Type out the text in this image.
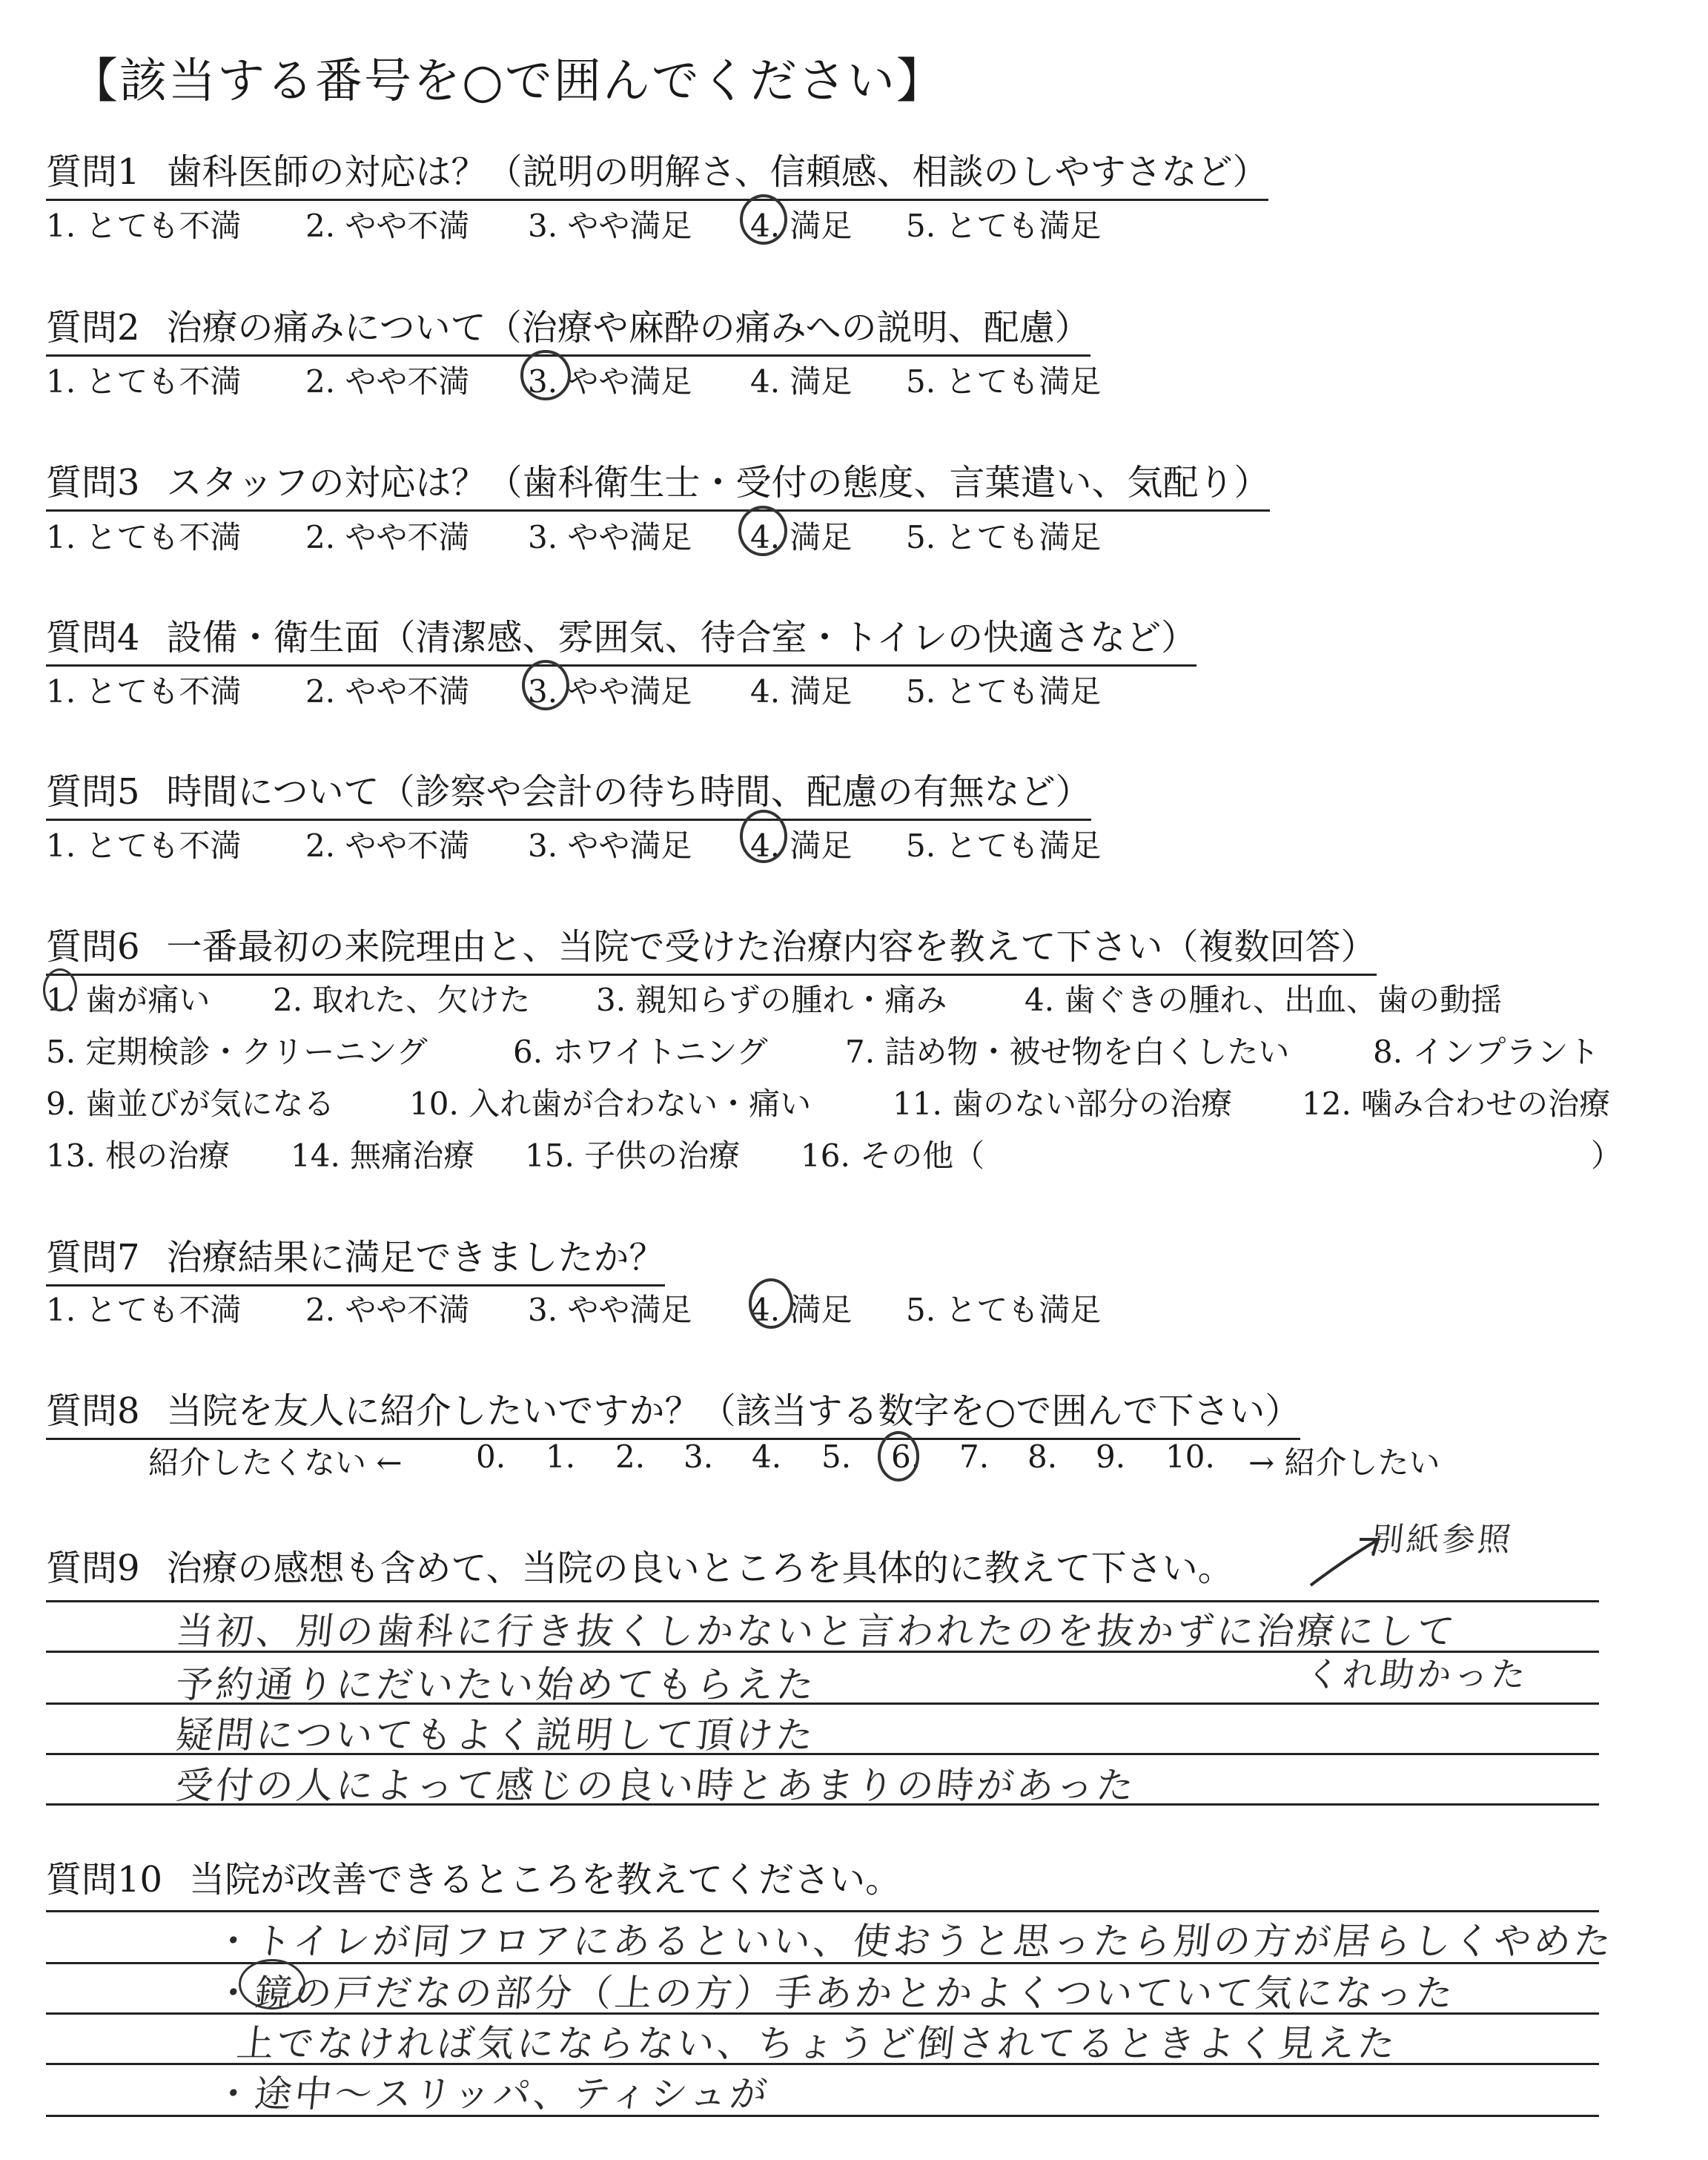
【該当する番号を○で囲んでください】
質問1 歯科医師の対応は？（説明の明解さ、信頼感、相談のしやすさなど）
1. とても不満 2. やや不満 3. やや満足 4. 満足 5. とても満足
質問2 治療の痛みについて（治療や麻酔の痛みへの説明、配慮）
1. とても不満 2. やや不満 3. やや満足 4. 満足 5. とても満足
質問3 スタッフの対応は？（歯科衛生士・受付の態度、言葉遣い、気配り）
1. とても不満 2. やや不満 3. やや満足 4. 満足 5. とても満足
質問4 設備・衛生面（清潔感、雰囲気、待合室・トイレの快適さなど）
1. とても不満 2. やや不満 3. やや満足 4. 満足 5. とても満足
質問5 時間について（診察や会計の待ち時間、配慮の有無など）
1. とても不満 2. やや不満 3. やや満足 4. 満足 5. とても満足
質問6 一番最初の来院理由と、当院で受けた治療内容を教えて下さい（複数回答）
1. 歯が痛い 2. 取れた、欠けた 3. 親知らずの腫れ・痛み 4. 歯ぐきの腫れ、出血、歯の動揺
5. 定期検診・クリーニング	6. ホワイトニング 7. 詰め物・被せ物を白くしたい	8. インプラント
9. 歯並びが気になる 10. 入れ歯が合わない・痛い	11. 歯のない部分の治療 12. 噛み合わせの治療
13. 根の治療 14. 無痛治療 15. 子供の治療 16. その他（	）
質問7 治療結果に満足できましたか？
1. とても不満 2. やや不満 3. やや満足 4. 満足 5. とても満足
質問8 当院を友人に紹介したいですか？（該当する数字を○で囲んで下さい）
紹介したくない ← 0. 1. 2. 3. 4. 5. 6. 7. 8. 9. 10. → 紹介したい
質問9 治療の感想も含めて、当院の良いところを具体的に教えて下さい。
別紙参照
当初、別の歯科に行き抜くしかないと言われたのを抜かずに治療にして
予約通りにだいたい始めてもらえた	くれ助かった
疑問についてもよく説明して頂けた
受付の人によって感じの良い時とあまりの時があった
質問10 当院が改善できるところを教えてください。
・トイレが同フロアにあるといい、使おうと思ったら別の方が居らしくやめた
・鏡の戸だなの部分（上の方）手あかとかよくついていて気になった
上でなければ気にならない、ちょうど倒されてるときよく見えた
・途中〜スリッパ、ティシュが
